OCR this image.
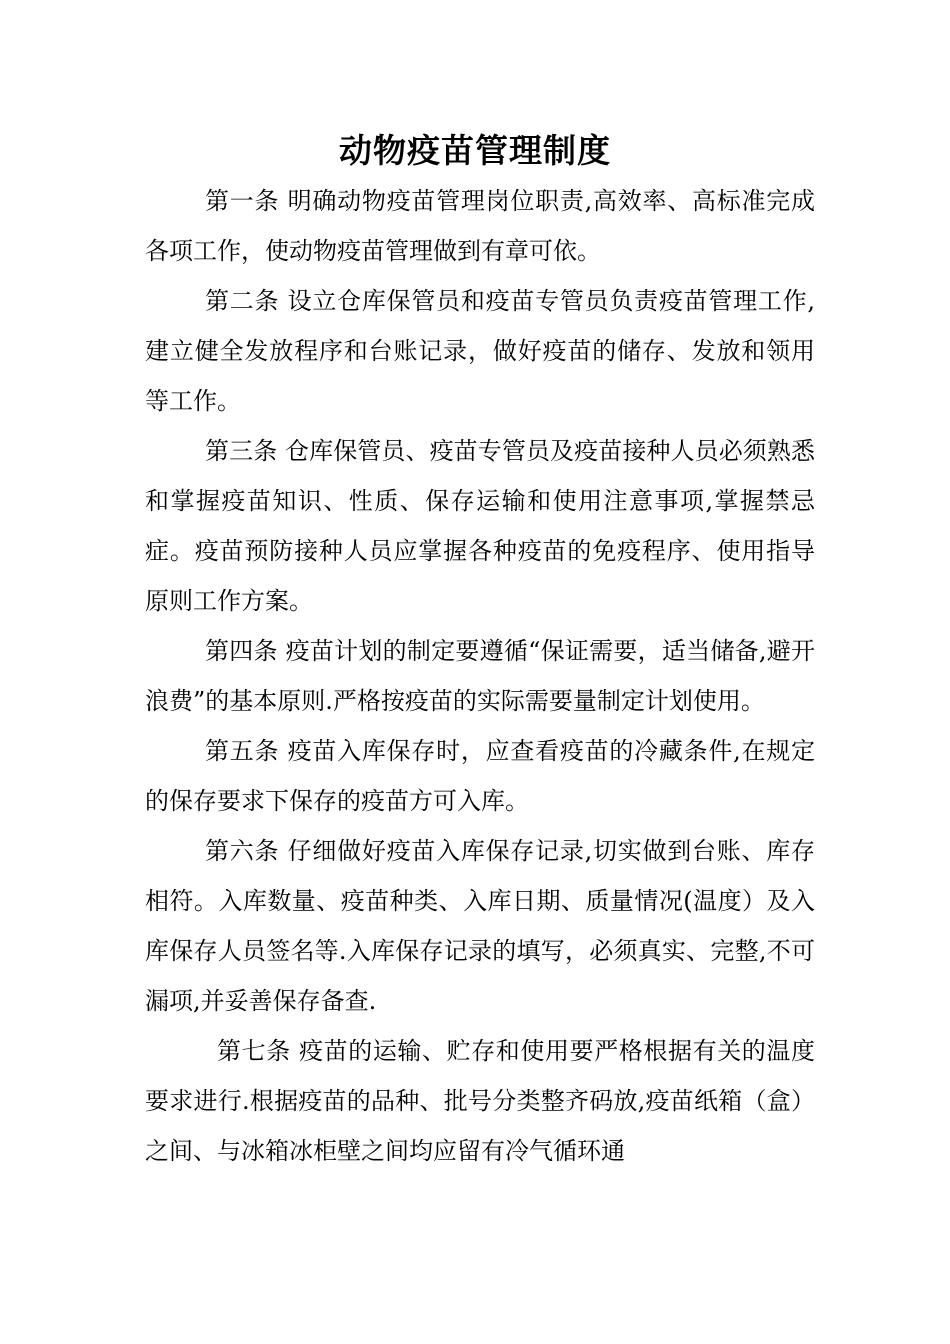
动物疫苗管理制度

第一条 明确动物疫苗管理岗位职责,高效率、高标准完成各项工作，使动物疫苗管理做到有章可依。

第二条 设立仓库保管员和疫苗专管员负责疫苗管理工作,建立健全发放程序和台账记录，做好疫苗的储存、发放和领用等工作。

第三条 仓库保管员、疫苗专管员及疫苗接种人员必须熟悉和掌握疫苗知识、性质、保存运输和使用注意事项,掌握禁忌症。疫苗预防接种人员应掌握各种疫苗的免疫程序、使用指导原则工作方案。

第四条 疫苗计划的制定要遵循“保证需要，适当储备,避开浪费”的基本原则.严格按疫苗的实际需要量制定计划使用。

第五条 疫苗入库保存时，应查看疫苗的冷藏条件,在规定的保存要求下保存的疫苗方可入库。

第六条 仔细做好疫苗入库保存记录,切实做到台账、库存相符。入库数量、疫苗种类、入库日期、质量情况(温度）及入库保存人员签名等.入库保存记录的填写，必须真实、完整,不可漏项,并妥善保存备查.

第七条 疫苗的运输、贮存和使用要严格根据有关的温度要求进行.根据疫苗的品种、批号分类整齐码放,疫苗纸箱（盒）之间、与冰箱冰柜壁之间均应留有冷气循环通
